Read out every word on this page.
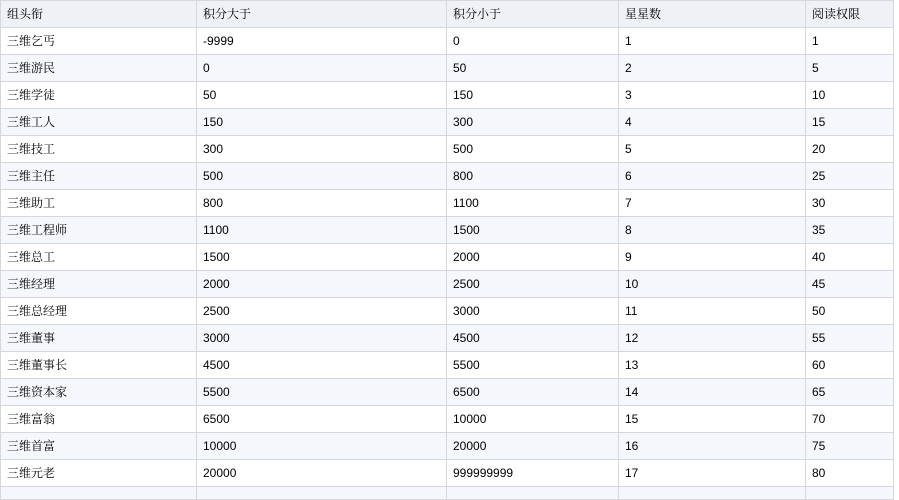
组头衔	积分大于	积分小于	星星数	阅读权限
三维乞丐	-9999	0	1	1
三维游民	0	50	2	5
三维学徒	50	150	3	10
三维工人	150	300	4	15
三维技工	300	500	5	20
三维主任	500	800	6	25
三维助工	800	1100	7	30
三维工程师	1100	1500	8	35
三维总工	1500	2000	9	40
三维经理	2000	2500	10	45
三维总经理	2500	3000	11	50
三维董事	3000	4500	12	55
三维董事长	4500	5500	13	60
三维资本家	5500	6500	14	65
三维富翁	6500	10000	15	70
三维首富	10000	20000	16	75
三维元老	20000	999999999	17	80
